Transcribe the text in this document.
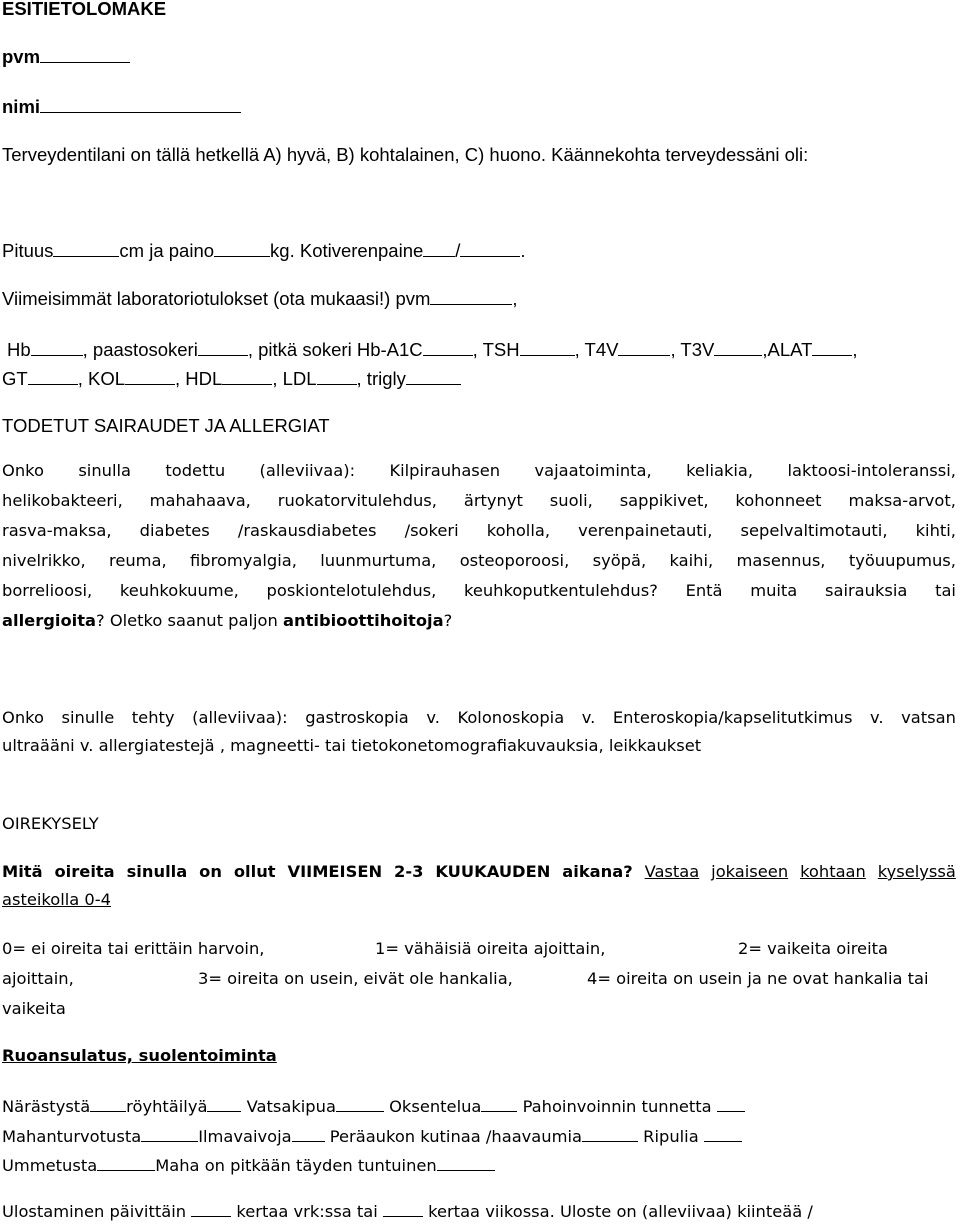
ESITIETOLOMAKE
pvm
nimi
Terveydentilani on tällä hetkellä A) hyvä, B) kohtalainen, C) huono. Käännekohta terveydessäni oli:
Pituus	cm ja paino	kg. Kotiverenpaine /	.
Viimeisimmät laboratoriotulokset (ota mukaasi!) pvm	,
Hb	, paastosokeri	, pitkä sokeri Hb-A1C	, TSH	, T4V	, T3V	,ALAT ,
GT	, KOL	, HDL	, LDL , trigly
TODETUT SAIRAUDET JA ALLERGIAT
Onko sinulla todettu (alleviivaa): Kilpirauhasen vajaatoiminta, keliakia, laktoosi-intoleranssi,
helikobakteeri, mahahaava, ruokatorvitulehdus, ärtynyt suoli, sappikivet, kohonneet maksa-arvot,
rasva-maksa, diabetes /raskausdiabetes /sokeri koholla, verenpainetauti, sepelvaltimotauti, kihti,
nivelrikko, reuma, fibromyalgia, luunmurtuma, osteoporoosi, syöpä, kaihi, masennus, työuupumus,
borrelioosi, keuhkokuume, poskiontelotulehdus, keuhkoputkentulehdus? Entä muita sairauksia tai
allergioita? Oletko saanut paljon antibioottihoitoja?
Onko sinulle tehty (alleviivaa): gastroskopia v. Kolonoskopia v. Enteroskopia/kapselitutkimus v. vatsan
ultraääni v. allergiatestejä , magneetti- tai tietokonetomografiakuvauksia, leikkaukset
OIREKYSELY
Mitä oireita sinulla on ollut VIIMEISEN 2-3 KUUKAUDEN aikana? Vastaa jokaiseen kohtaan kyselyssä
asteikolla 0-4
0= ei oireita tai erittäin harvoin,	1= vähäisiä oireita ajoittain,	2= vaikeita oireita
ajoittain,	3= oireita on usein, eivät ole hankalia,	4= oireita on usein ja ne ovat hankalia tai
vaikeita
Ruoansulatus, suolentoiminta
Närästystä röyhtäilyä Vatsakipua	Oksentelua	Pahoinvoinnin tunnetta
Mahanturvotusta	Ilmavaivoja Peräaukon kutinaa /haavaumia	Ripulia
Ummetusta	Maha on pitkään täyden tuntuinen
Ulostaminen päivittäin	kertaa vrk:ssa tai	kertaa viikossa. Uloste on (alleviivaa) kiinteää /
